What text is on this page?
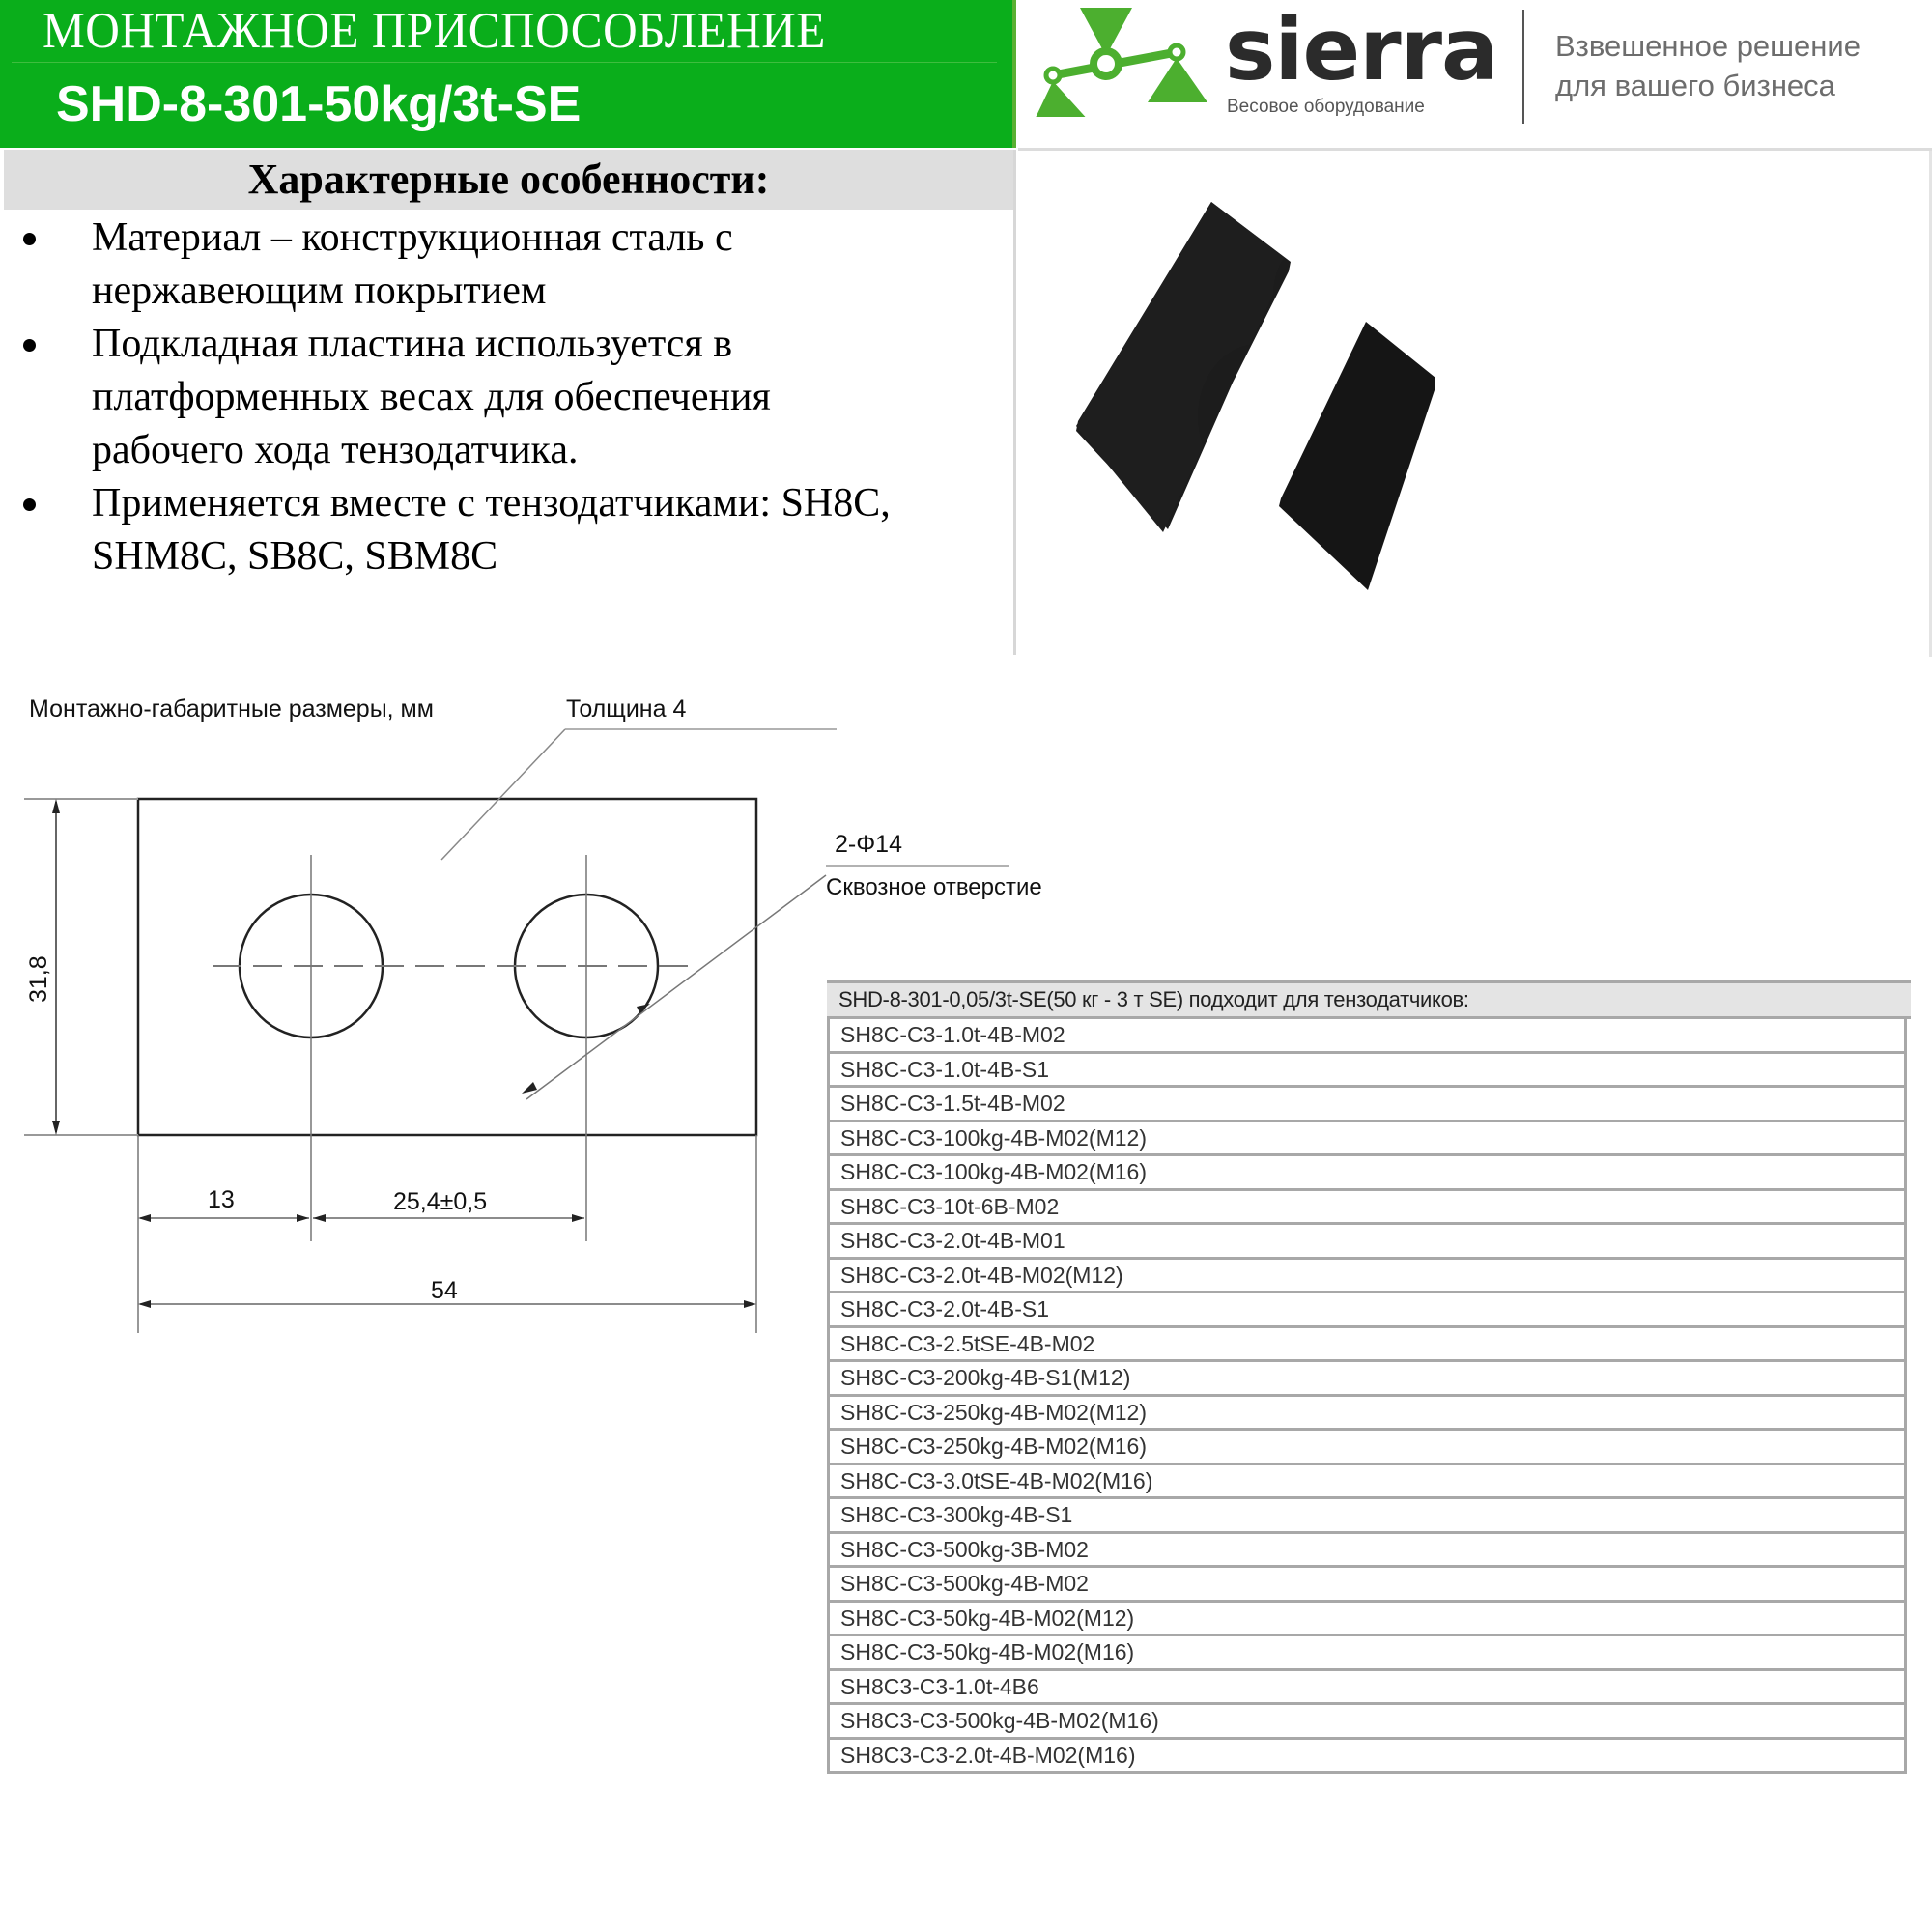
МОНТАЖНОЕ ПРИСПОСОБЛЕНИЕ
SHD-8-301-50kg/3t-SE
sierra
Весовое оборудование
Взвешенное решение
для вашего бизнеса
Характерные особенности:
Материал – конструкционная сталь с
нержавеющим покрытием
Подкладная пластина используется в
платформенных весах для обеспечения
рабочего хода тензодатчика.
Применяется вместе с тензодатчиками: SH8C,
SHM8C, SB8C, SBM8C
Монтажно-габаритные размеры, мм	Толщина 4
2-Φ14
Сквозное отверстие
31,8
13	25,4±0,5
54
SHD-8-301-0,05/3t-SE(50 кг - 3 т SE) подходит для тензодатчиков:
SH8C-C3-1.0t-4B-M02
SH8C-C3-1.0t-4B-S1
SH8C-C3-1.5t-4B-M02
SH8C-C3-100kg-4B-M02(M12)
SH8C-C3-100kg-4B-M02(M16)
SH8C-C3-10t-6B-M02
SH8C-C3-2.0t-4B-M01
SH8C-C3-2.0t-4B-M02(M12)
SH8C-C3-2.0t-4B-S1
SH8C-C3-2.5tSE-4B-M02
SH8C-C3-200kg-4B-S1(M12)
SH8C-C3-250kg-4B-M02(M12)
SH8C-C3-250kg-4B-M02(M16)
SH8C-C3-3.0tSE-4B-M02(M16)
SH8C-C3-300kg-4B-S1
SH8C-C3-500kg-3B-M02
SH8C-C3-500kg-4B-M02
SH8C-C3-50kg-4B-M02(M12)
SH8C-C3-50kg-4B-M02(M16)
SH8C3-C3-1.0t-4B6
SH8C3-C3-500kg-4B-M02(M16)
SH8C3-C3-2.0t-4B-M02(M16)
